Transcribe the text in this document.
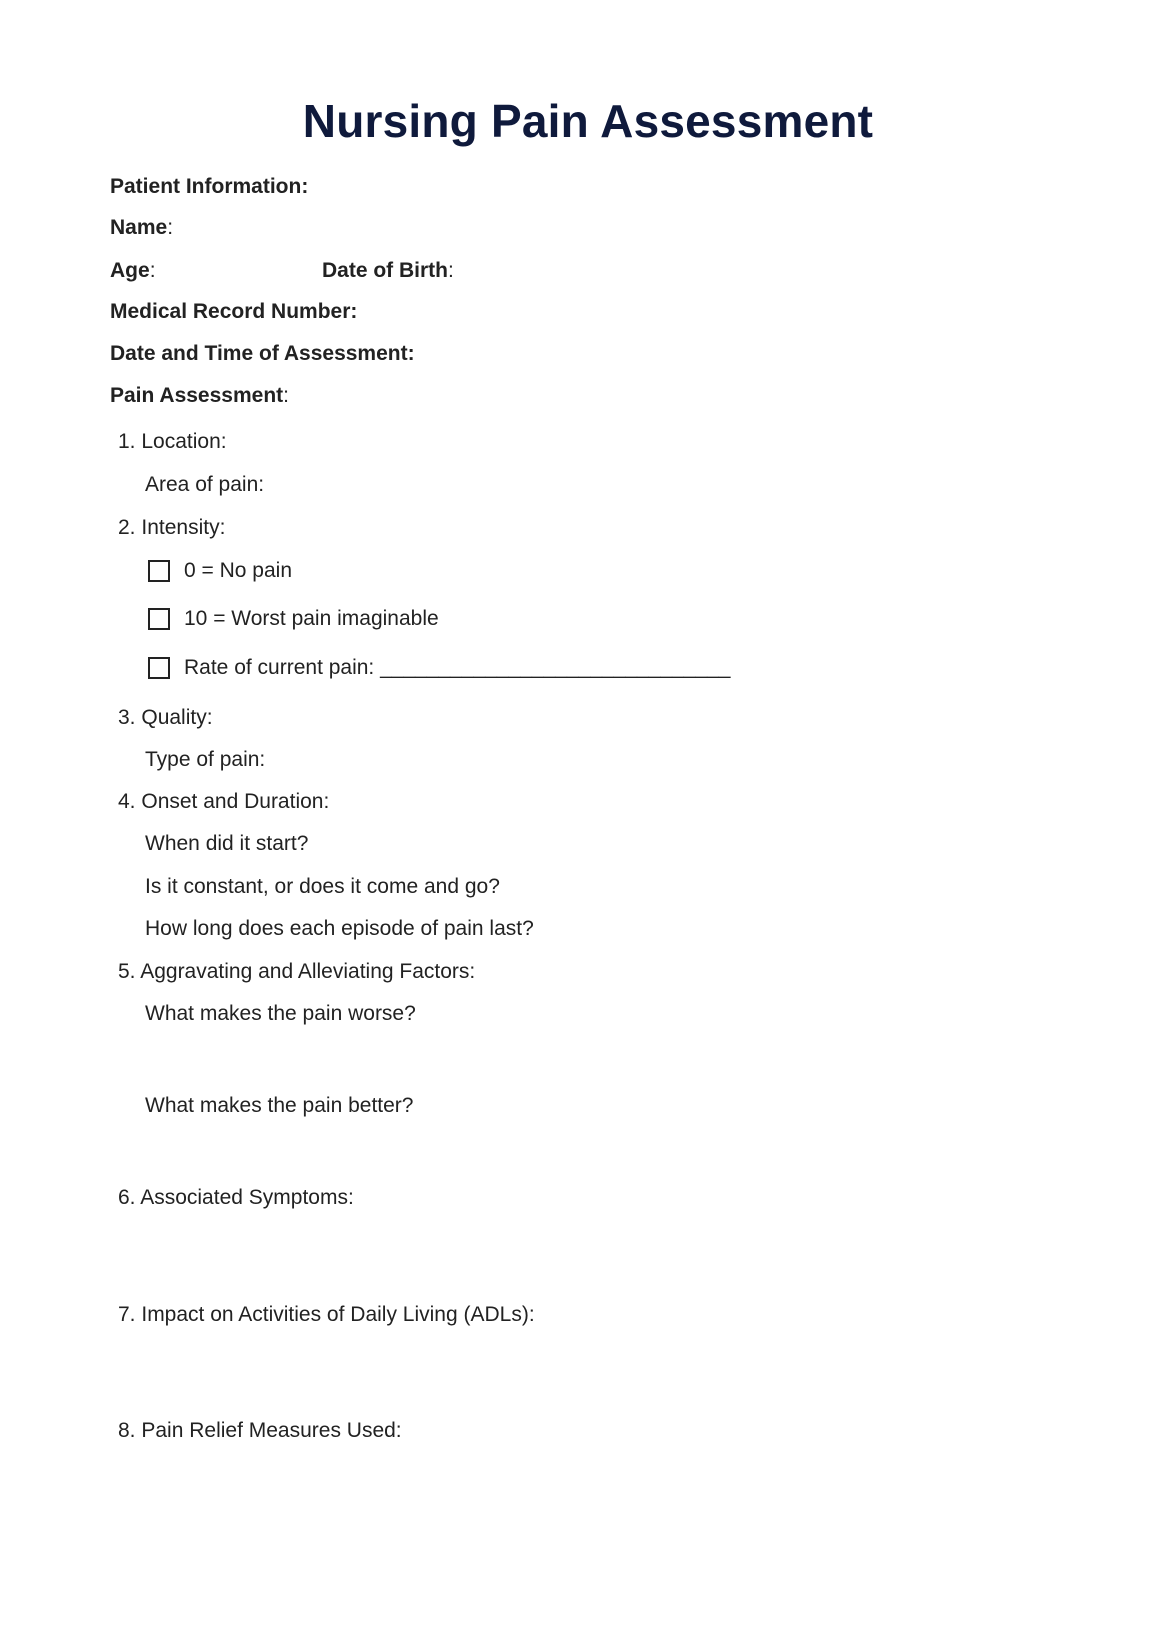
Nursing Pain Assessment
Patient Information:
Name:
Age:	Date of Birth:
Medical Record Number:
Date and Time of Assessment:
Pain Assessment:
1. Location:
Area of pain:
2. Intensity:
0 = No pain
10 = Worst pain imaginable
Rate of current pain: ______________________________
3. Quality:
Type of pain:
4. Onset and Duration:
When did it start?
Is it constant, or does it come and go?
How long does each episode of pain last?
5. Aggravating and Alleviating Factors:
What makes the pain worse?
What makes the pain better?
6. Associated Symptoms:
7. Impact on Activities of Daily Living (ADLs):
8. Pain Relief Measures Used:
